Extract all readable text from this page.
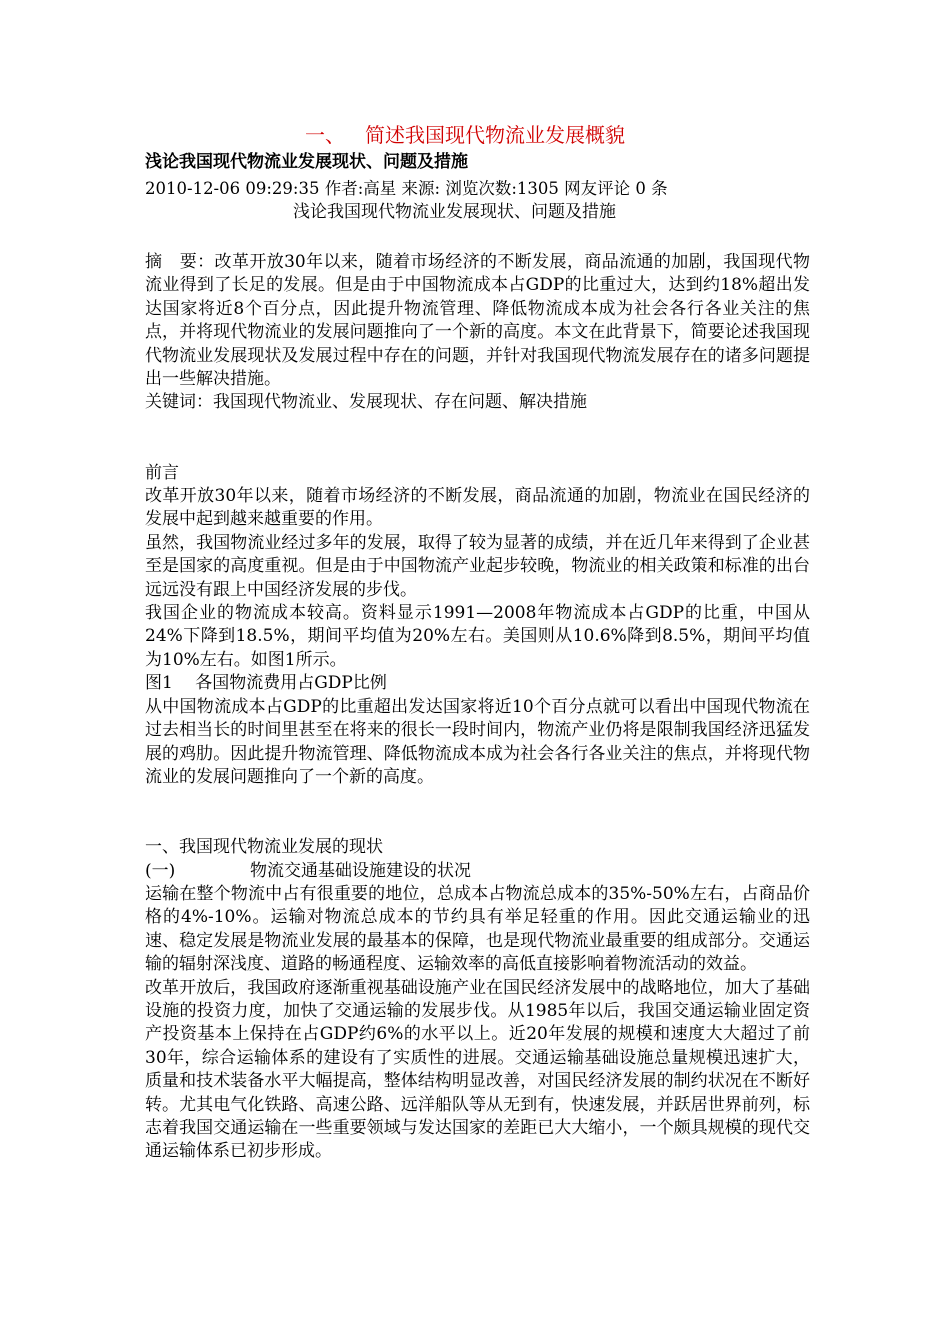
一、 简述我国现代物流业发展概貌
浅论我国现代物流业发展现状、问题及措施
2010-12-06 09:29:35 作者:高星 来源: 浏览次数:1305 网友评论 0 条
浅论我国现代物流业发展现状、问题及措施

摘　要：改革开放30年以来，随着市场经济的不断发展，商品流通的加剧，我国现代物流业得到了长足的发展。但是由于中国物流成本占GDP的比重过大，达到约18%超出发达国家将近8个百分点，因此提升物流管理、降低物流成本成为社会各行各业关注的焦点，并将现代物流业的发展问题推向了一个新的高度。本文在此背景下，简要论述我国现代物流业发展现状及发展过程中存在的问题，并针对我国现代物流发展存在的诸多问题提出一些解决措施。

关键词：我国现代物流业、发展现状、存在问题、解决措施

前言

改革开放30年以来，随着市场经济的不断发展，商品流通的加剧，物流业在国民经济的发展中起到越来越重要的作用。

虽然，我国物流业经过多年的发展，取得了较为显著的成绩，并在近几年来得到了企业甚至是国家的高度重视。但是由于中国物流产业起步较晚，物流业的相关政策和标准的出台远远没有跟上中国经济发展的步伐。

我国企业的物流成本较高。资料显示1991—2008年物流成本占GDP的比重，中国从24%下降到18.5%，期间平均值为20%左右。美国则从10.6%降到8.5%，期间平均值为10%左右。如图1所示。

图1　 各国物流费用占GDP比例

从中国物流成本占GDP的比重超出发达国家将近10个百分点就可以看出中国现代物流在过去相当长的时间里甚至在将来的很长一段时间内，物流产业仍将是限制我国经济迅猛发展的鸡肋。因此提升物流管理、降低物流成本成为社会各行各业关注的焦点，并将现代物流业的发展问题推向了一个新的高度。

一、我国现代物流业发展的现状

(一)	物流交通基础设施建设的状况

运输在整个物流中占有很重要的地位，总成本占物流总成本的35%-50%左右，占商品价格的4%-10%。运输对物流总成本的节约具有举足轻重的作用。因此交通运输业的迅速、稳定发展是物流业发展的最基本的保障，也是现代物流业最重要的组成部分。交通运输的辐射深浅度、道路的畅通程度、运输效率的高低直接影响着物流活动的效益。

改革开放后，我国政府逐渐重视基础设施产业在国民经济发展中的战略地位，加大了基础设施的投资力度，加快了交通运输的发展步伐。从1985年以后，我国交通运输业固定资产投资基本上保持在占GDP约6%的水平以上。近20年发展的规模和速度大大超过了前30年，综合运输体系的建设有了实质性的进展。交通运输基础设施总量规模迅速扩大，质量和技术装备水平大幅提高，整体结构明显改善，对国民经济发展的制约状况在不断好转。尤其电气化铁路、高速公路、远洋船队等从无到有，快速发展，并跃居世界前列，标志着我国交通运输在一些重要领域与发达国家的差距已大大缩小，一个颇具规模的现代交通运输体系已初步形成。
